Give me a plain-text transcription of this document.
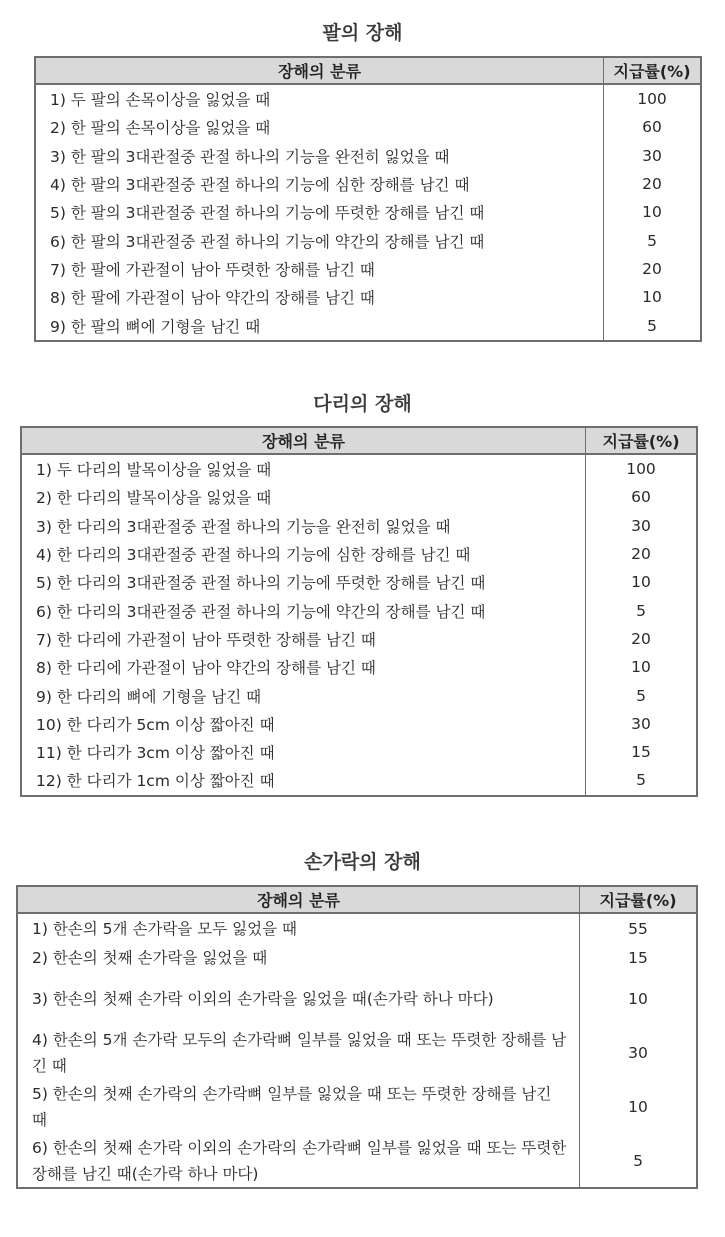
팔의 장해
장해의 분류	지급률(%)
1) 두 팔의 손목이상을 잃었을 때	100
2) 한 팔의 손목이상을 잃었을 때	60
3) 한 팔의 3대관절중 관절 하나의 기능을 완전히 잃었을 때	30
4) 한 팔의 3대관절중 관절 하나의 기능에 심한 장해를 남긴 때	20
5) 한 팔의 3대관절중 관절 하나의 기능에 뚜렷한 장해를 남긴 때	10
6) 한 팔의 3대관절중 관절 하나의 기능에 약간의 장해를 남긴 때	5
7) 한 팔에 가관절이 남아 뚜렷한 장해를 남긴 때	20
8) 한 팔에 가관절이 남아 약간의 장해를 남긴 때	10
9) 한 팔의 뼈에 기형을 남긴 때	5
다리의 장해
장해의 분류	지급률(%)
1) 두 다리의 발목이상을 잃었을 때	100
2) 한 다리의 발목이상을 잃었을 때	60
3) 한 다리의 3대관절중 관절 하나의 기능을 완전히 잃었을 때	30
4) 한 다리의 3대관절중 관절 하나의 기능에 심한 장해를 남긴 때	20
5) 한 다리의 3대관절중 관절 하나의 기능에 뚜렷한 장해를 남긴 때	10
6) 한 다리의 3대관절중 관절 하나의 기능에 약간의 장해를 남긴 때	5
7) 한 다리에 가관절이 남아 뚜렷한 장해를 남긴 때	20
8) 한 다리에 가관절이 남아 약간의 장해를 남긴 때	10
9) 한 다리의 뼈에 기형을 남긴 때	5
10) 한 다리가 5cm 이상 짧아진 때	30
11) 한 다리가 3cm 이상 짧아진 때	15
12) 한 다리가 1cm 이상 짧아진 때	5
손가락의 장해
장해의 분류	지급률(%)
1) 한손의 5개 손가락을 모두 잃었을 때	55
2) 한손의 첫째 손가락을 잃었을 때	15
3) 한손의 첫째 손가락 이외의 손가락을 잃었을 때(손가락 하나 마다)	10
4) 한손의 5개 손가락 모두의 손가락뼈 일부를 잃었을 때 또는 뚜렷한 장해를 남긴 때	30
5) 한손의 첫째 손가락의 손가락뼈 일부를 잃었을 때 또는 뚜렷한 장해를 남긴 때	10
6) 한손의 첫째 손가락 이외의 손가락의 손가락뼈 일부를 잃었을 때 또는 뚜렷한 장해를 남긴 때(손가락 하나 마다)	5
